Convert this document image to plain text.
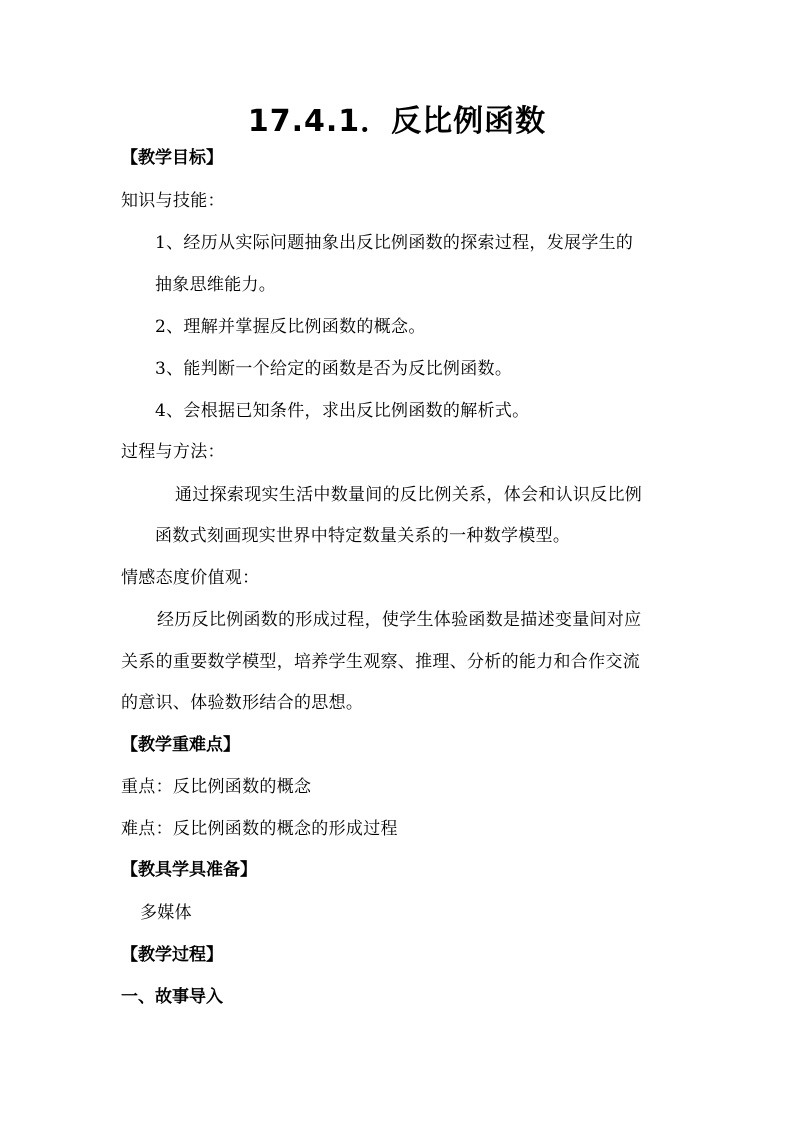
17.4.1．反比例函数
【教学目标】
知识与技能：
1、经历从实际问题抽象出反比例函数的探索过程，发展学生的
抽象思维能力。
2、理解并掌握反比例函数的概念。
3、能判断一个给定的函数是否为反比例函数。
4、会根据已知条件，求出反比例函数的解析式。
过程与方法：
通过探索现实生活中数量间的反比例关系，体会和认识反比例
函数式刻画现实世界中特定数量关系的一种数学模型。
情感态度价值观：
经历反比例函数的形成过程，使学生体验函数是描述变量间对应
关系的重要数学模型，培养学生观察、推理、分析的能力和合作交流
的意识、体验数形结合的思想。
【教学重难点】
重点：反比例函数的概念
难点：反比例函数的概念的形成过程
【教具学具准备】
多媒体
【教学过程】
一、故事导入
